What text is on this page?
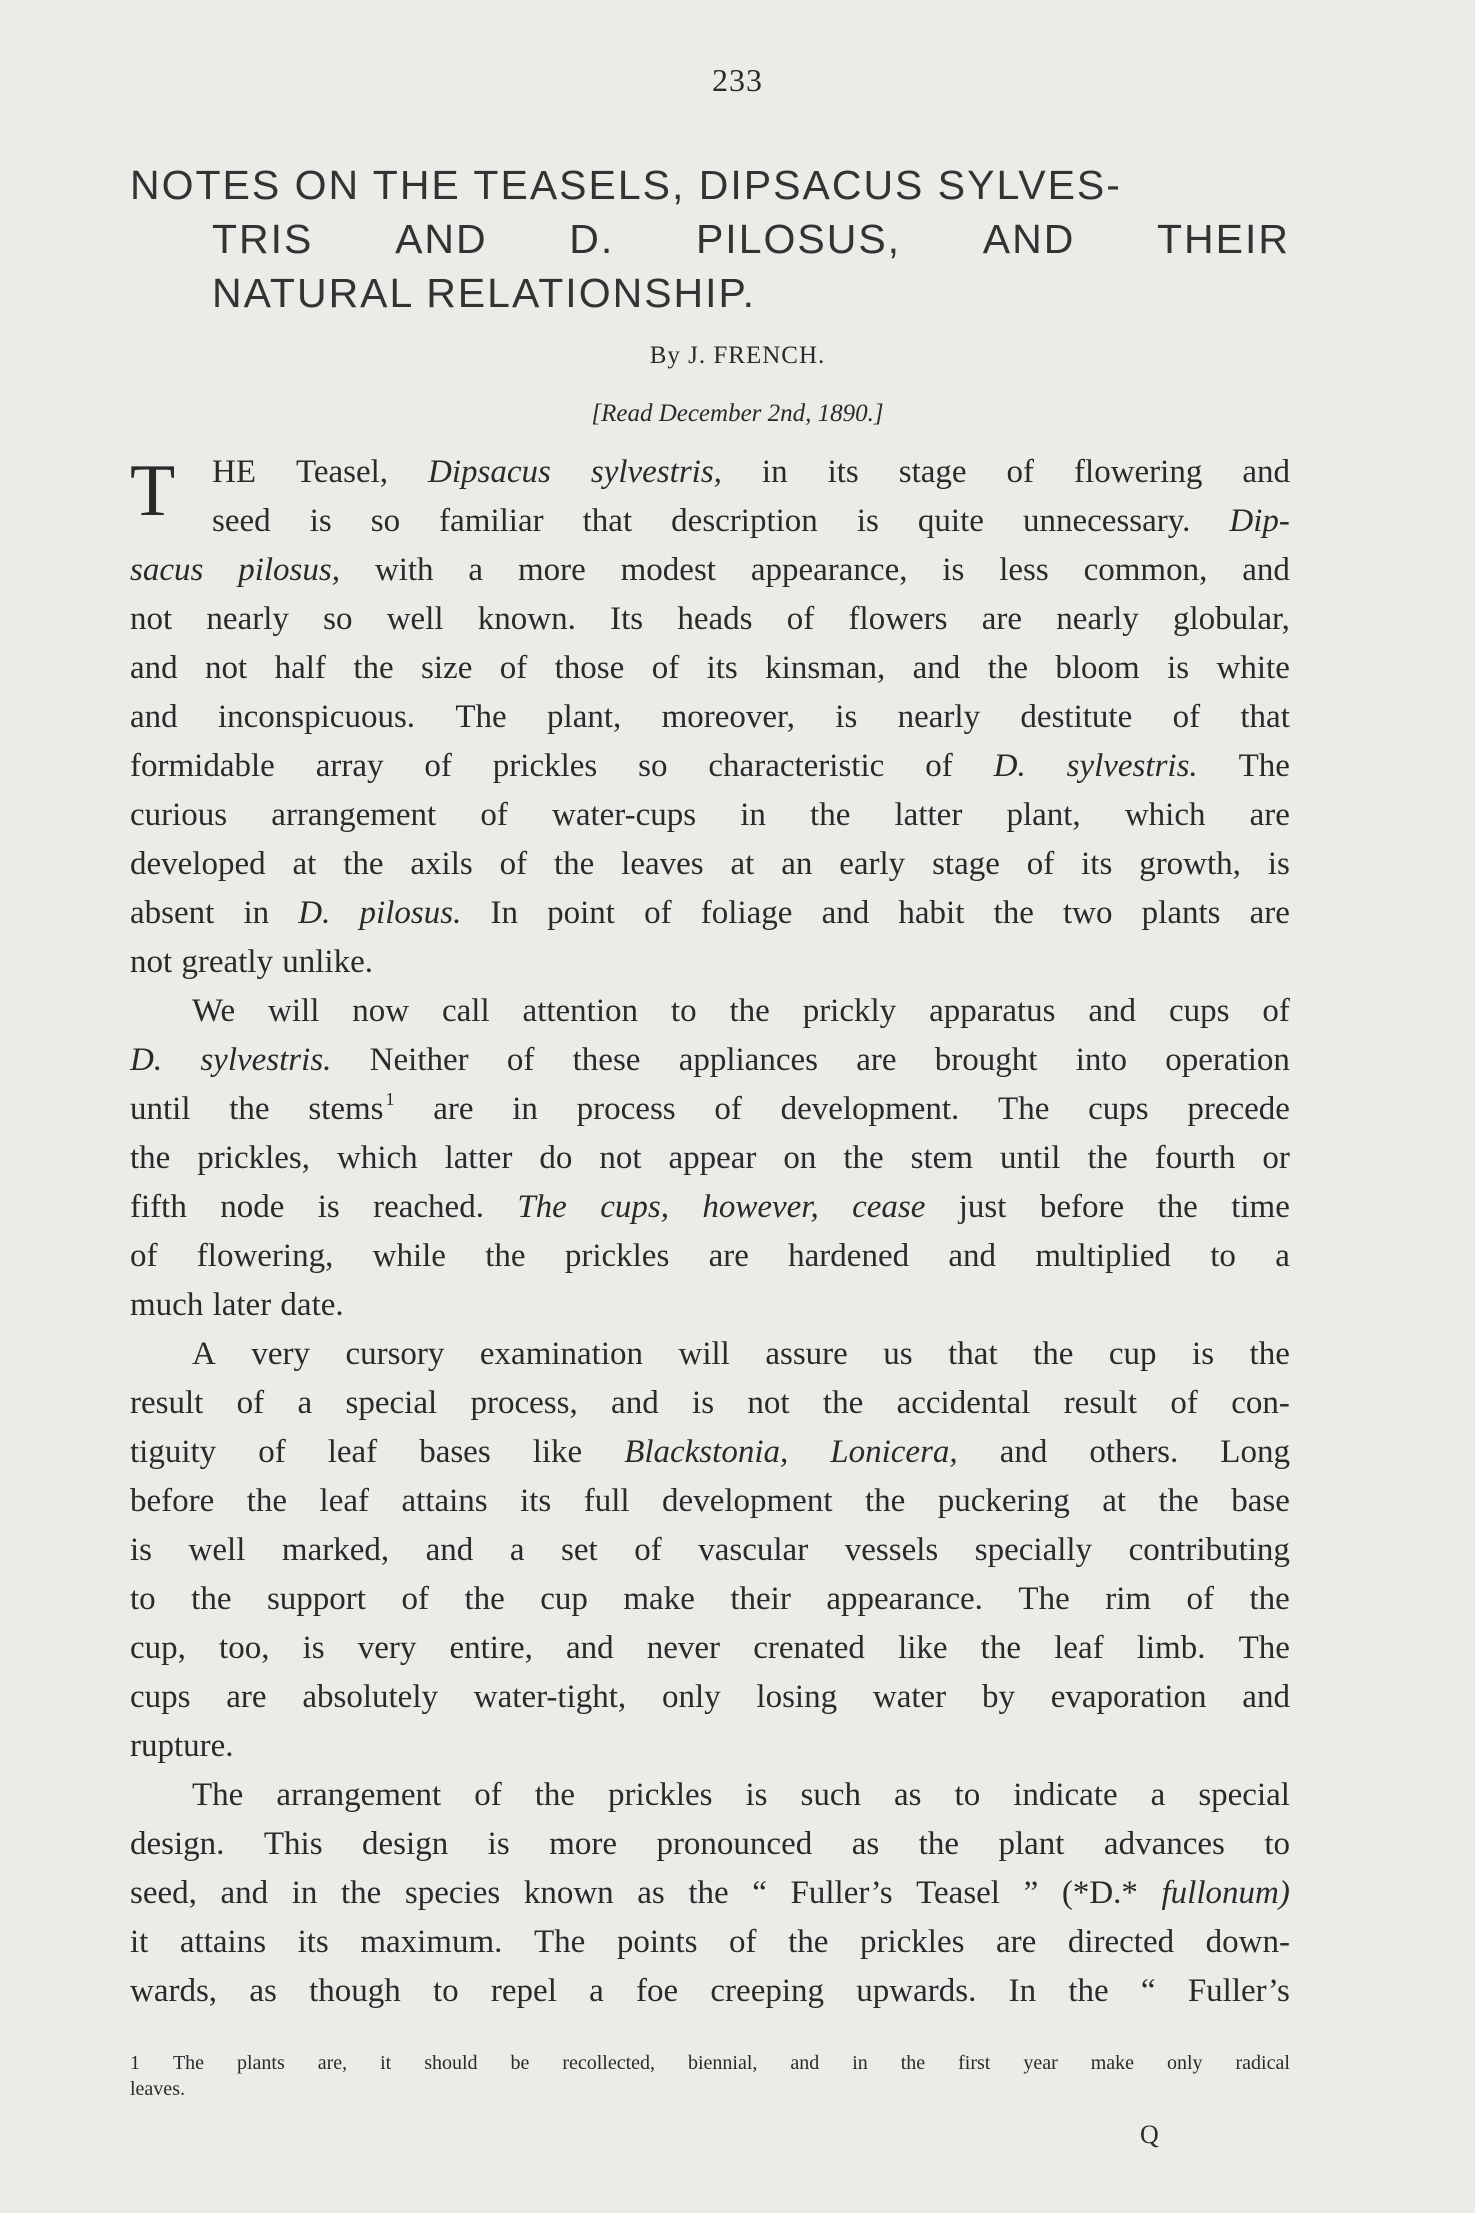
233
NOTES ON THE TEASELS, DIPSACUS SYLVES-
TRIS AND D. PILOSUS, AND THEIR
NATURAL RELATIONSHIP.
By J. FRENCH.
[Read December 2nd, 1890.]
T HE Teasel, Dipsacus sylvestris, in its stage of flowering and
seed is so familiar that description is quite unnecessary. Dip-
sacus pilosus, with a more modest appearance, is less common, and
not nearly so well known. Its heads of flowers are nearly globular,
and not half the size of those of its kinsman, and the bloom is white
and inconspicuous. The plant, moreover, is nearly destitute of that
formidable array of prickles so characteristic of D. sylvestris. The
curious arrangement of water-cups in the latter plant, which are
developed at the axils of the leaves at an early stage of its growth, is
absent in D. pilosus. In point of foliage and habit the two plants are
not greatly unlike.
We will now call attention to the prickly apparatus and cups of
D. sylvestris. Neither of these appliances are brought into operation
until the stems $^1$ are in process of development. The cups precede
the prickles, which latter do not appear on the stem until the fourth or
fifth node is reached. The cups, however, cease just before the time
of flowering, while the prickles are hardened and multiplied to a
much later date.
A very cursory examination will assure us that the cup is the
result of a special process, and is not the accidental result of con-
tiguity of leaf bases like Blackstonia, Lonicera, and others. Long
before the leaf attains its full development the puckering at the base
is well marked, and a set of vascular vessels specially contributing
to the support of the cup make their appearance. The rim of the
cup, too, is very entire, and never crenated like the leaf limb. The
cups are absolutely water-tight, only losing water by evaporation and
rupture.
The arrangement of the prickles is such as to indicate a special
design. This design is more pronounced as the plant advances to
seed, and in the species known as the “ Fuller’s Teasel ” (*D.* fullonum)
it attains its maximum. The points of the prickles are directed down-
wards, as though to repel a foe creeping upwards. In the “ Fuller’s
1 The plants are, it should be recollected, biennial, and in the first year make only radical
leaves.
Q
